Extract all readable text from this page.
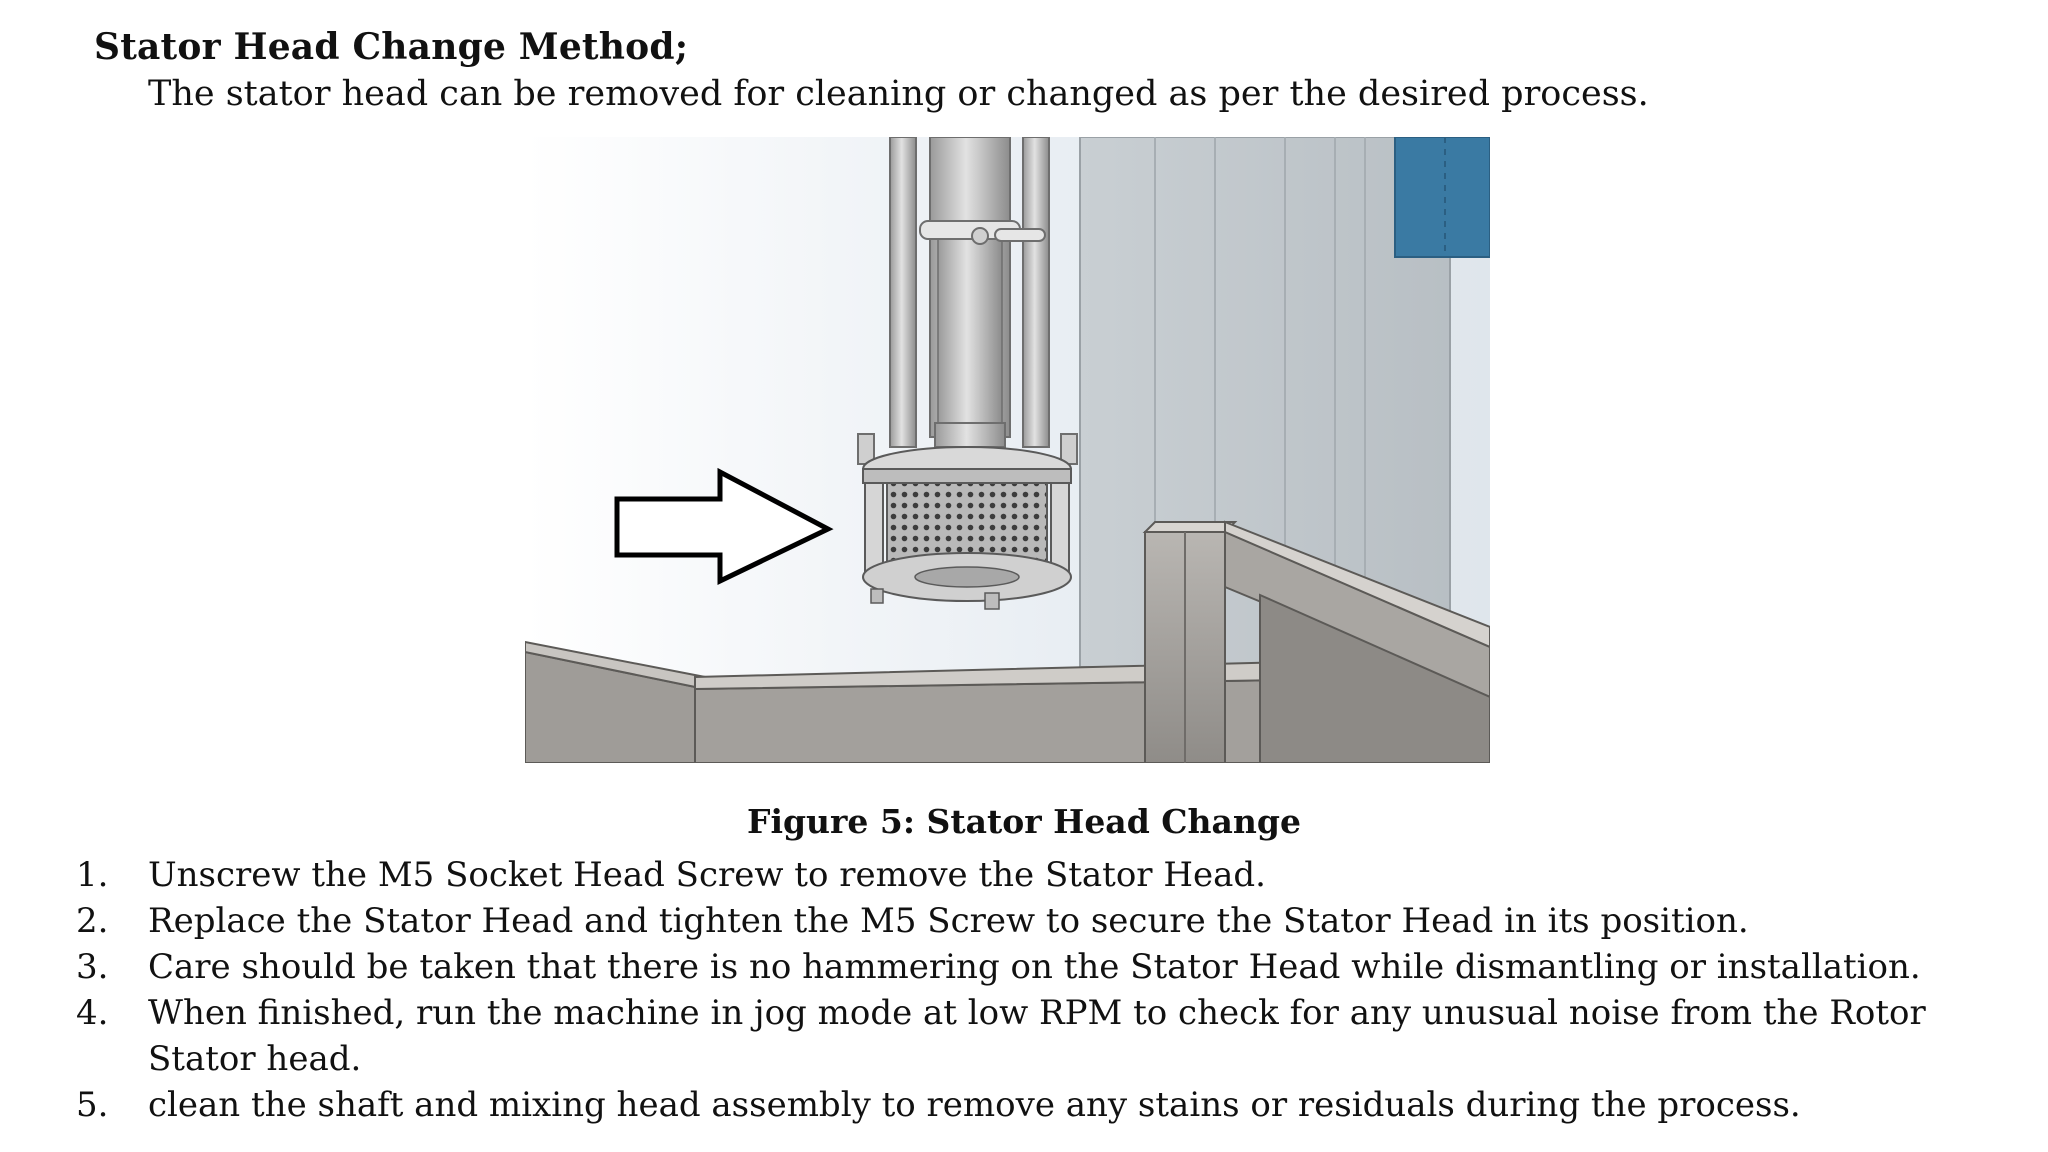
Stator Head Change Method;
The stator head can be removed for cleaning or changed as per the desired process.
Figure 5: Stator Head Change
1.	Unscrew the M5 Socket Head Screw to remove the Stator Head.
2.	Replace the Stator Head and tighten the M5 Screw to secure the Stator Head in its position.
3.	Care should be taken that there is no hammering on the Stator Head while dismantling or installation.
4.	When finished, run the machine in jog mode at low RPM to check for any unusual noise from the Rotor Stator head.
5.	clean the shaft and mixing head assembly to remove any stains or residuals during the process.
